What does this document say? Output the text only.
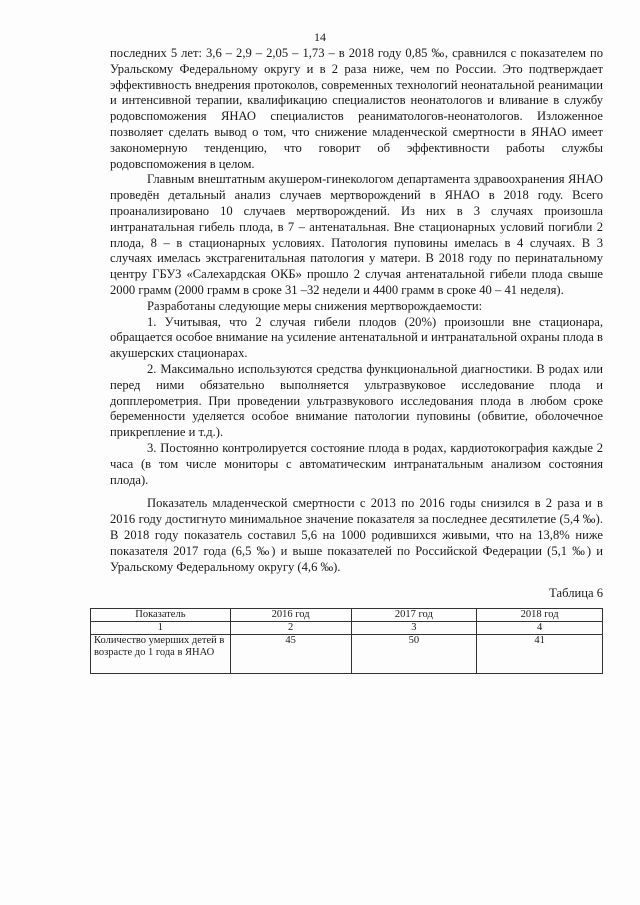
14

последних 5 лет: 3,6 – 2,9 – 2,05 – 1,73 – в 2018 году 0,85 ‰, сравнился с показателем по Уральскому Федеральному округу и в 2 раза ниже, чем по России. Это подтверждает эффективность внедрения протоколов, современных технологий неонатальной реанимации и интенсивной терапии, квалификацию специалистов неонатологов и вливание в службу родовспоможения ЯНАО специалистов реаниматологов-неонатологов. Изложенное позволяет сделать вывод о том, что снижение младенческой смертности в ЯНАО имеет закономерную тенденцию, что говорит об эффективности работы службы родовспоможения в целом.

Главным внештатным акушером-гинекологом департамента здравоохранения ЯНАО проведён детальный анализ случаев мертворождений в ЯНАО в 2018 году. Всего проанализировано 10 случаев мертворождений. Из них в 3 случаях произошла интранатальная гибель плода, в 7 – антенатальная. Вне стационарных условий погибли 2 плода, 8 – в стационарных условиях. Патология пуповины имелась в 4 случаях. В 3 случаях имелась экстрагенитальная патология у матери. В 2018 году по перинатальному центру ГБУЗ «Салехардская ОКБ» прошло 2 случая антенатальной гибели плода свыше 2000 грамм (2000 грамм в сроке 31 –32 недели и 4400 грамм в сроке 40 – 41 неделя).

Разработаны следующие меры снижения мертворождаемости:

1. Учитывая, что 2 случая гибели плодов (20%) произошли вне стационара, обращается особое внимание на усиление антенатальной и интранатальной охраны плода в акушерских стационарах.

2. Максимально используются средства функциональной диагностики. В родах или перед ними обязательно выполняется ультразвуковое исследование плода и допплерометрия. При проведении ультразвукового исследования плода в любом сроке беременности уделяется особое внимание патологии пуповины (обвитие, оболочечное прикрепление и т.д.).

3. Постоянно контролируется состояние плода в родах, кардиотокография каждые 2 часа (в том числе мониторы с автоматическим интранатальным анализом состояния плода).

Показатель младенческой смертности с 2013 по 2016 годы снизился в 2 раза и в 2016 году достигнуто минимальное значение показателя за последнее десятилетие (5,4 ‰). В 2018 году показатель составил 5,6 на 1000 родившихся живыми, что на 13,8% ниже показателя 2017 года (6,5 ‰) и выше показателей по Российской Федерации (5,1 ‰) и Уральскому Федеральному округу (4,6 ‰).

Таблица 6
Показатель	2016 год	2017 год	2018 год
1	2	3	4
Количество умерших детей в возрасте до 1 года в ЯНАО	45	50	41
